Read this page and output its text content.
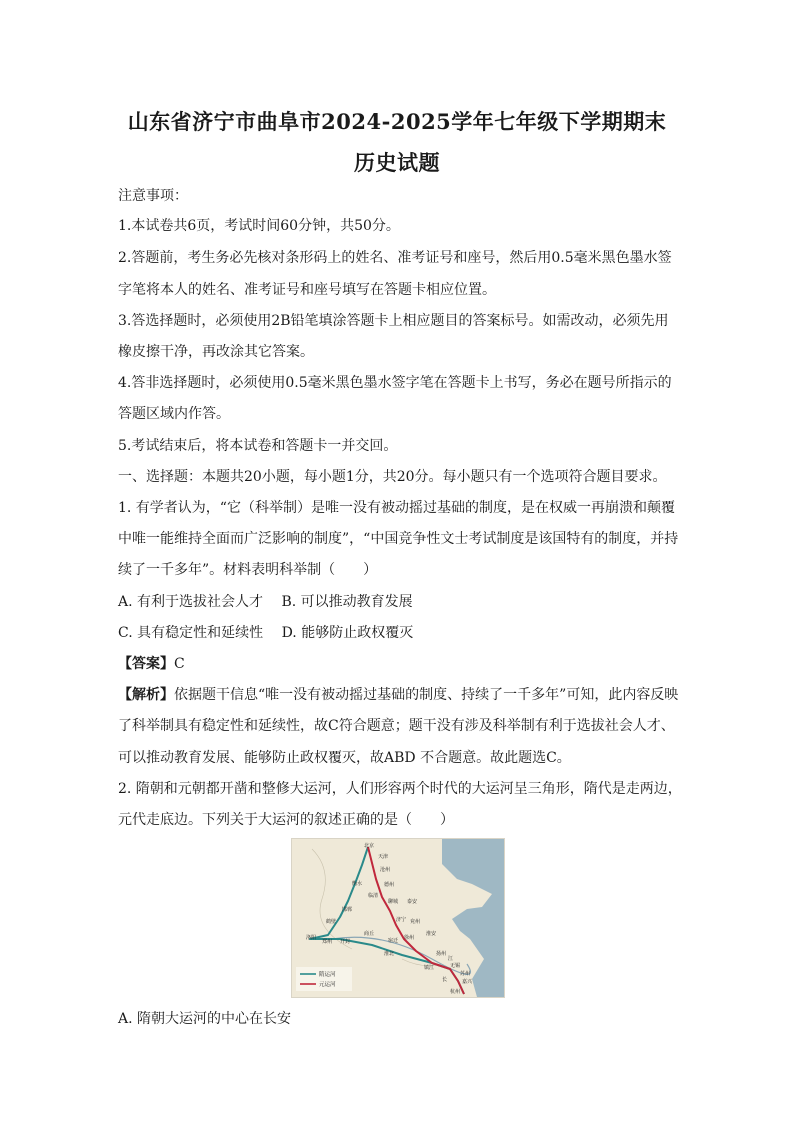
山东省济宁市曲阜市2024-2025学年七年级下学期期末
历史试题
注意事项：
1.本试卷共6页，考试时间60分钟，共50分。
2.答题前，考生务必先核对条形码上的姓名、准考证号和座号，然后用0.5毫米黑色墨水签
字笔将本人的姓名、准考证号和座号填写在答题卡相应位置。
3.答选择题时，必须使用2B铅笔填涂答题卡上相应题目的答案标号。如需改动，必须先用
橡皮擦干净，再改涂其它答案。
4.答非选择题时，必须使用0.5毫米黑色墨水签字笔在答题卡上书写，务必在题号所指示的
答题区域内作答。
5.考试结束后，将本试卷和答题卡一并交回。
一、选择题：本题共20小题，每小题1分，共20分。每小题只有一个选项符合题目要求。
1. 有学者认为，“它（科举制）是唯一没有被动摇过基础的制度，是在权威一再崩溃和颠覆
中唯一能维持全面而广泛影响的制度”，“中国竞争性文士考试制度是该国特有的制度，并持
续了一千多年”。材料表明科举制（　　）
A. 有利于选拔社会人才　 B. 可以推动教育发展
C. 具有稳定性和延续性　 D. 能够防止政权覆灭
【答案】C
【解析】依据题干信息“唯一没有被动摇过基础的制度、持续了一千多年”可知，此内容反映
了科举制具有稳定性和延续性，故C符合题意；题干没有涉及科举制有利于选拔社会人才、
可以推动教育发展、能够防止政权覆灭，故ABD 不合题意。故此题选C。
2. 隋朝和元朝都开凿和整修大运河，人们形容两个时代的大运河呈三角形，隋代是走两边，
元代走底边。下列关于大运河的叙述正确的是（　　）
北京
天津
沧州
德州
衡水
临清
聊城 泰安
邯郸
鹤壁	济宁 兖州
洛阳
郑州 开封
商丘
宿迁 徐州
淮安
扬州
镇江	无锡
苏州
嘉兴
杭州
淮北
江
长
隋运河
元运河
A. 隋朝大运河的中心在长安
